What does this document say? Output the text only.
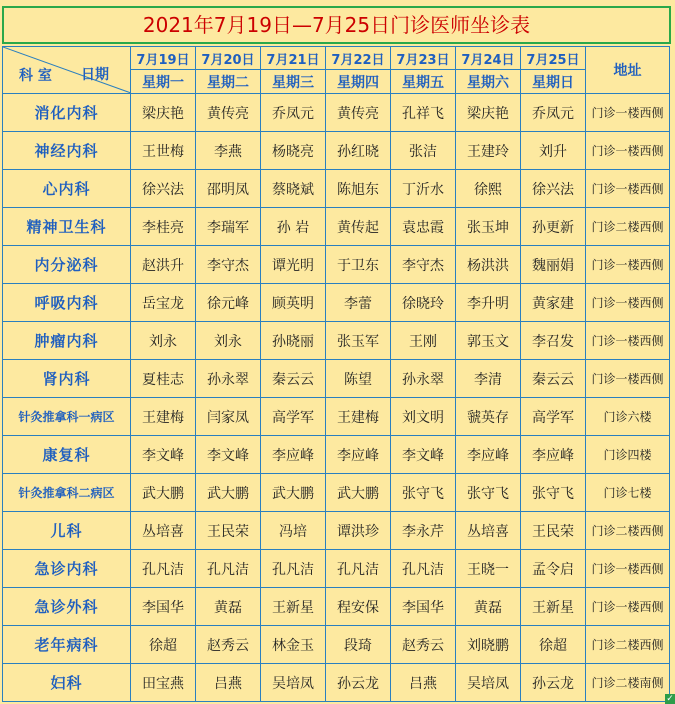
2021年7月19日—7月25日门诊医师坐诊表
科 室 日期	7月19日	7月20日	7月21日	7月22日	7月23日	7月24日	7月25日	地址
	星期一	星期二	星期三	星期四	星期五	星期六	星期日	
消化内科	梁庆艳	黄传亮	乔凤元	黄传亮	孔祥飞	梁庆艳	乔凤元	门诊一楼西侧
神经内科	王世梅	李燕	杨晓亮	孙红晓	张洁	王建玲	刘升	门诊一楼西侧
心内科	徐兴法	邵明凤	蔡晓斌	陈旭东	丁沂水	徐熙	徐兴法	门诊一楼西侧
精神卫生科	李桂亮	李瑞军	孙 岩	黄传起	袁忠霞	张玉坤	孙更新	门诊二楼西侧
内分泌科	赵洪升	李守杰	谭光明	于卫东	李守杰	杨洪洪	魏丽娟	门诊一楼西侧
呼吸内科	岳宝龙	徐元峰	顾英明	李蕾	徐晓玲	李升明	黄家建	门诊一楼西侧
肿瘤内科	刘永	刘永	孙晓丽	张玉军	王刚	郭玉文	李召发	门诊一楼西侧
肾内科	夏桂志	孙永翠	秦云云	陈望	孙永翠	李清	秦云云	门诊一楼西侧
针灸推拿科一病区	王建梅	闫家凤	高学军	王建梅	刘文明	虢英存	高学军	门诊六楼
康复科	李文峰	李文峰	李应峰	李应峰	李文峰	李应峰	李应峰	门诊四楼
针灸推拿科二病区	武大鹏	武大鹏	武大鹏	武大鹏	张守飞	张守飞	张守飞	门诊七楼
儿科	丛培喜	王民荣	冯培	谭洪珍	李永芹	丛培喜	王民荣	门诊二楼西侧
急诊内科	孔凡洁	孔凡洁	孔凡洁	孔凡洁	孔凡洁	王晓一	孟令启	门诊一楼西侧
急诊外科	李国华	黄磊	王新星	程安保	李国华	黄磊	王新星	门诊一楼西侧
老年病科	徐超	赵秀云	林金玉	段琦	赵秀云	刘晓鹏	徐超	门诊二楼西侧
妇科	田宝燕	吕燕	吴培凤	孙云龙	吕燕	吴培凤	孙云龙	门诊二楼南侧
✓
